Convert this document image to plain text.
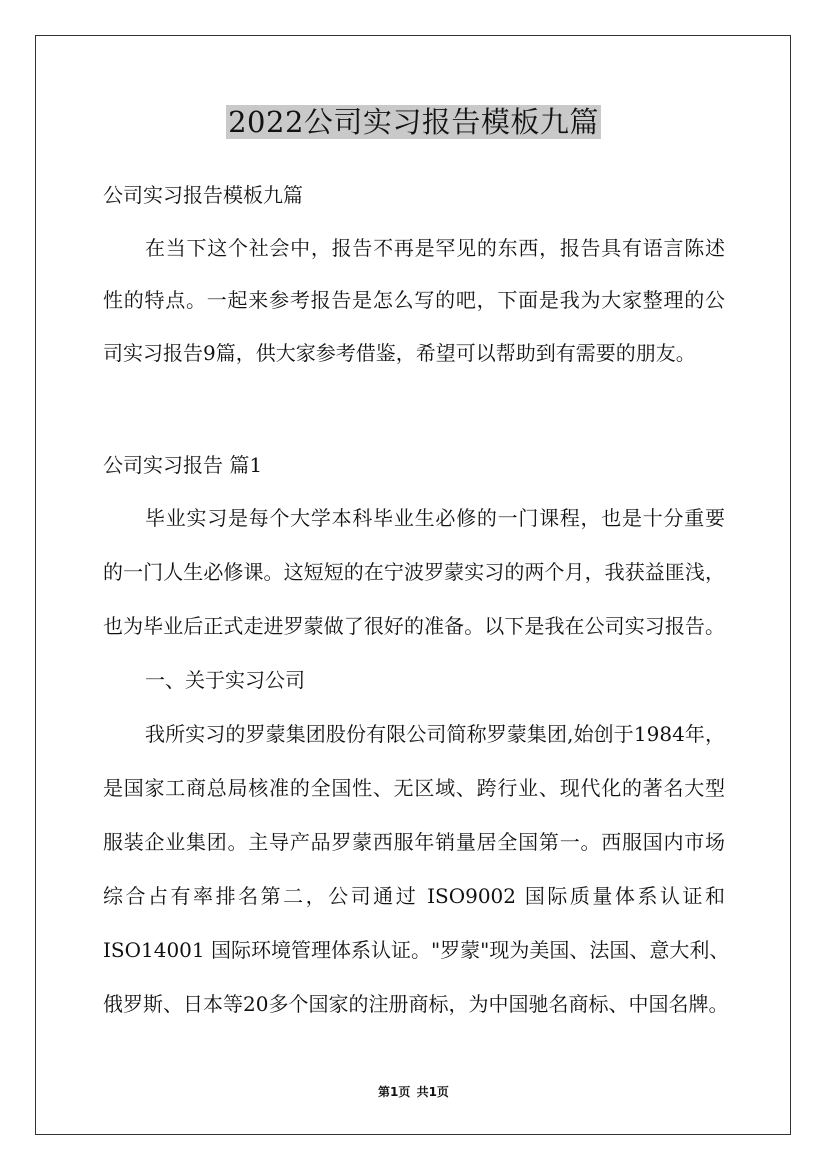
2022公司实习报告模板九篇
公司实习报告模板九篇
在当下这个社会中，报告不再是罕见的东西，报告具有语言陈述
性的特点。一起来参考报告是怎么写的吧，下面是我为大家整理的公
司实习报告9篇，供大家参考借鉴，希望可以帮助到有需要的朋友。
公司实习报告 篇1
毕业实习是每个大学本科毕业生必修的一门课程，也是十分重要
的一门人生必修课。这短短的在宁波罗蒙实习的两个月，我获益匪浅，
也为毕业后正式走进罗蒙做了很好的准备。以下是我在公司实习报告。
一、关于实习公司
我所实习的罗蒙集团股份有限公司简称罗蒙集团,始创于1984年，
是国家工商总局核准的全国性、无区域、跨行业、现代化的著名大型
服装企业集团。主导产品罗蒙西服年销量居全国第一。西服国内市场
综合占有率排名第二，公司通过 ISO9002 国际质量体系认证和
ISO14001 国际环境管理体系认证。"罗蒙"现为美国、法国、意大利、
俄罗斯、日本等20多个国家的注册商标，为中国驰名商标、中国名牌。
第1页 共1页
